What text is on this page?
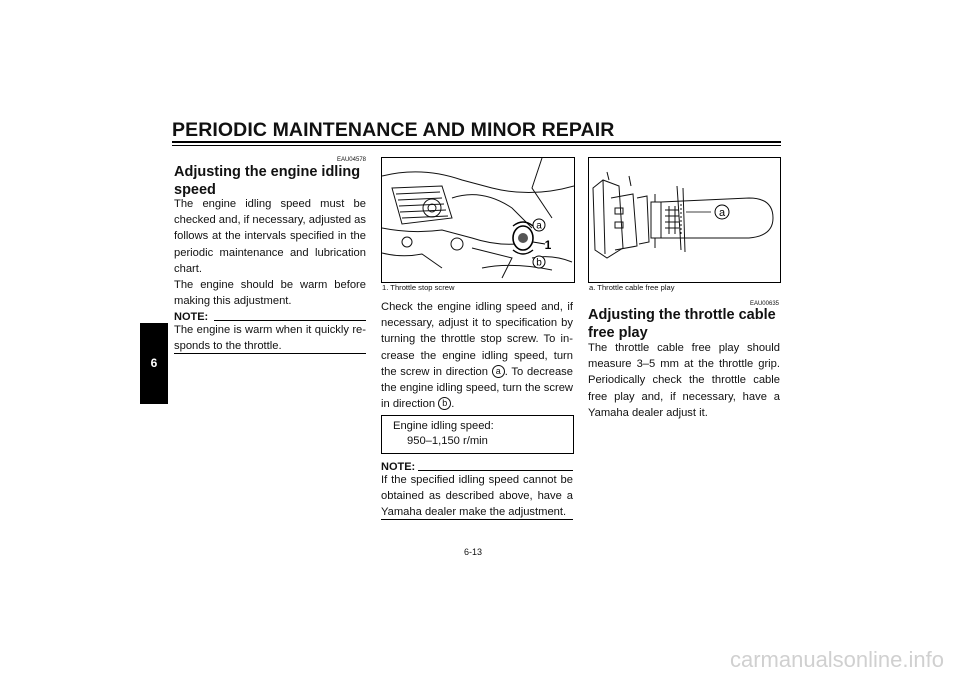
PERIODIC MAINTENANCE AND MINOR REPAIR
6
EAU04578
Adjusting the engine idling speed
The engine idling speed must be checked and, if necessary, adjusted as follows at the intervals specified in the periodic maintenance and lubrication chart.
The engine should be warm before making this adjustment.
NOTE:
The engine is warm when it quickly re-sponds to the throttle.
a
1
b
1. Throttle stop screw
Check the engine idling speed and, if necessary, adjust it to specification by turning the throttle stop screw. To in-crease the engine idling speed, turn the screw in direction a . To decrease the engine idling speed, turn the screw in direction b .
Engine idling speed:
950–1,150 r/min
NOTE:
If the specified idling speed cannot be obtained as described above, have a Yamaha dealer make the adjustment.
a
a. Throttle cable free play
EAU00635
Adjusting the throttle cable free play
The throttle cable free play should measure 3–5 mm at the throttle grip. Periodically check the throttle cable free play and, if necessary, have a Yamaha dealer adjust it.
6-13
carmanualsonline.info
